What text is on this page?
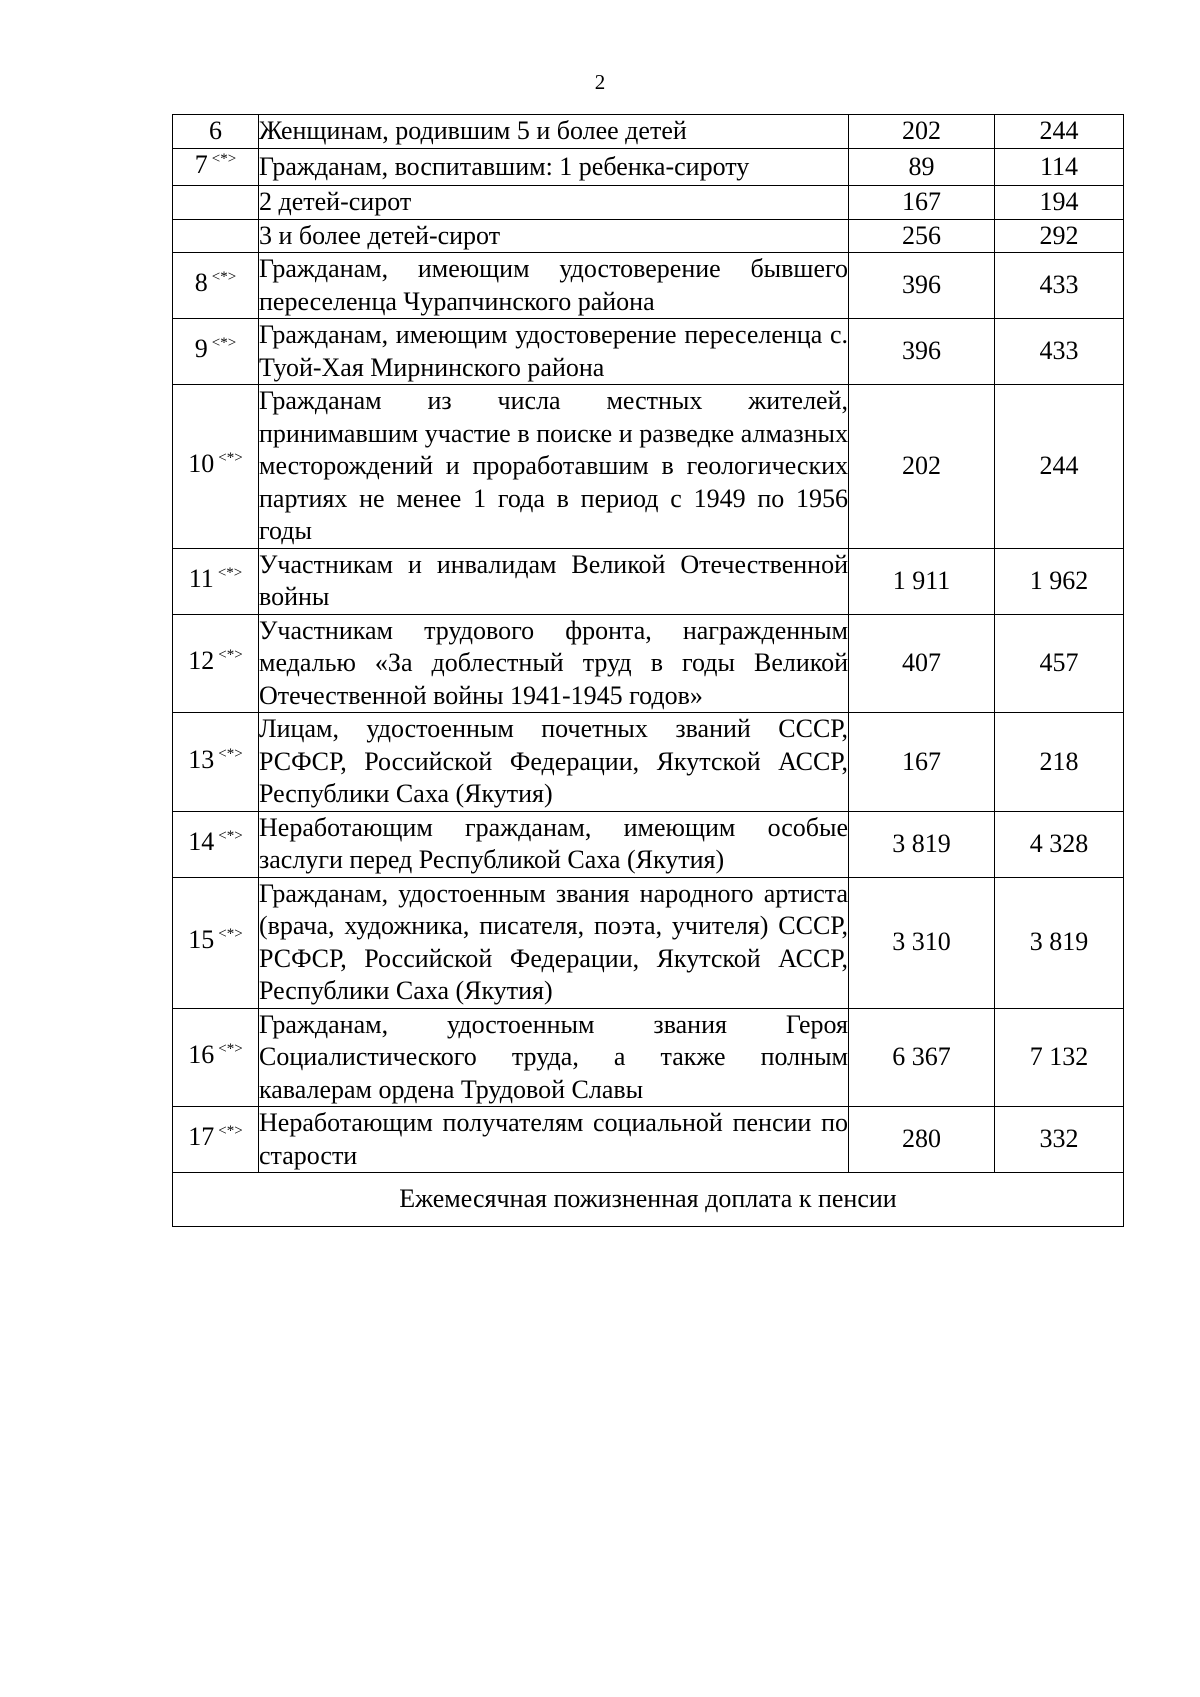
2
6	Женщинам, родившим 5 и более детей	202	244
7 <*>	Гражданам, воспитавшим: 1 ребенка-сироту	89	114
	2 детей-сирот	167	194
	3 и более детей-сирот	256	292
8 <*>	Гражданам, имеющим удостоверение бывшего переселенца Чурапчинского района	396	433
9 <*>	Гражданам, имеющим удостоверение переселенца с. Туой-Хая Мирнинского района	396	433
10 <*>	Гражданам из числа местных жителей, принимавшим участие в поиске и разведке алмазных месторождений и проработавшим в геологических партиях не менее 1 года в период с 1949 по 1956 годы	202	244
11 <*>	Участникам и инвалидам Великой Отечественной войны	1 911	1 962
12 <*>	Участникам трудового фронта, награжденным медалью «За доблестный труд в годы Великой Отечественной войны 1941-1945 годов»	407	457
13 <*>	Лицам, удостоенным почетных званий СССР, РСФСР, Российской Федерации, Якутской АССР, Республики Саха (Якутия)	167	218
14 <*>	Неработающим гражданам, имеющим особые заслуги перед Республикой Саха (Якутия)	3 819	4 328
15 <*>	Гражданам, удостоенным звания народного артиста (врача, художника, писателя, поэта, учителя) СССР, РСФСР, Российской Федерации, Якутской АССР, Республики Саха (Якутия)	3 310	3 819
16 <*>	Гражданам, удостоенным звания Героя Социалистического труда, а также полным кавалерам ордена Трудовой Славы	6 367	7 132
17 <*>	Неработающим получателям социальной пенсии по старости	280	332
Ежемесячная пожизненная доплата к пенсии			
